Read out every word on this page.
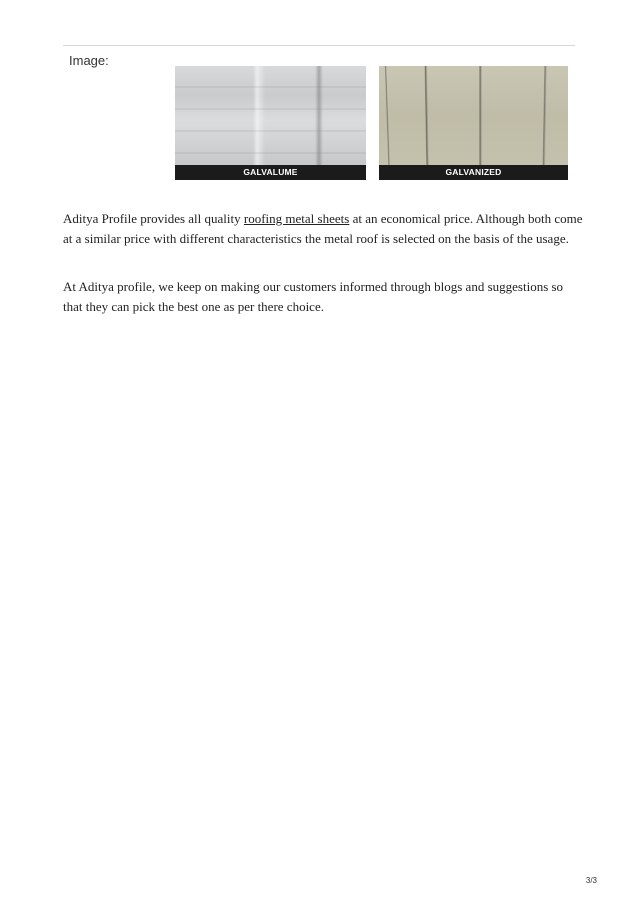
Image:
GALVALUME	GALVANIZED

Aditya Profile provides all quality roofing metal sheets at an economical price. Although both come at a similar price with different characteristics the metal roof is selected on the basis of the usage.

At Aditya profile, we keep on making our customers informed through blogs and suggestions so that they can pick the best one as per there choice.

3/3
